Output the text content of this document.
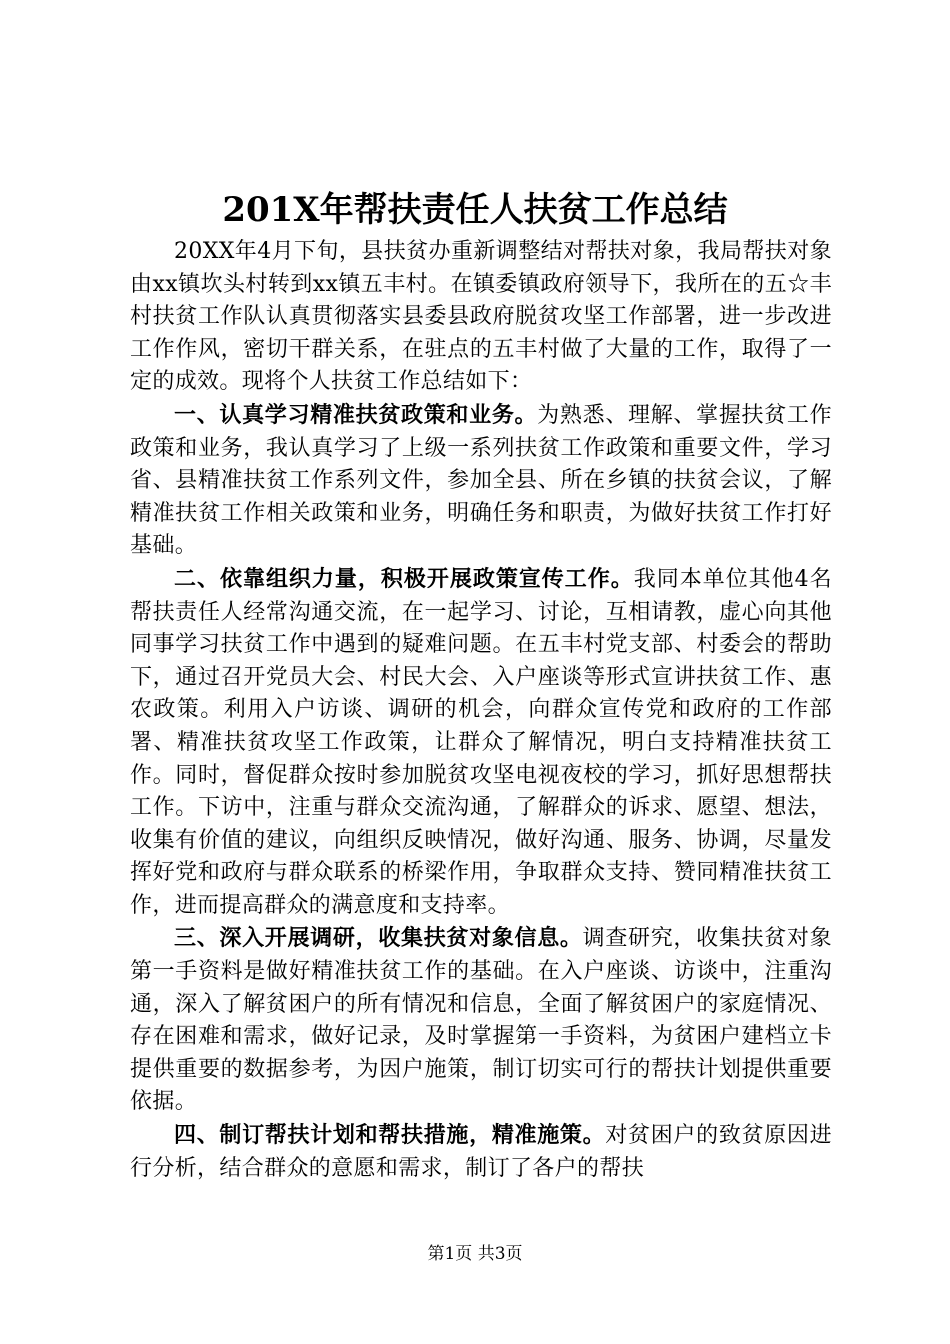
201X年帮扶责任人扶贫工作总结

20XX年4月下旬，县扶贫办重新调整结对帮扶对象，我局帮扶对象由xx镇坎头村转到xx镇五丰村。在镇委镇政府领导下，我所在的五☆丰村扶贫工作队认真贯彻落实县委县政府脱贫攻坚工作部署，进一步改进工作作风，密切干群关系，在驻点的五丰村做了大量的工作，取得了一定的成效。现将个人扶贫工作总结如下：

一、认真学习精准扶贫政策和业务。为熟悉、理解、掌握扶贫工作政策和业务，我认真学习了上级一系列扶贫工作政策和重要文件，学习省、县精准扶贫工作系列文件，参加全县、所在乡镇的扶贫会议，了解精准扶贫工作相关政策和业务，明确任务和职责，为做好扶贫工作打好基础。

二、依靠组织力量，积极开展政策宣传工作。我同本单位其他4名帮扶责任人经常沟通交流，在一起学习、讨论，互相请教，虚心向其他同事学习扶贫工作中遇到的疑难问题。在五丰村党支部、村委会的帮助下，通过召开党员大会、村民大会、入户座谈等形式宣讲扶贫工作、惠农政策。利用入户访谈、调研的机会，向群众宣传党和政府的工作部署、精准扶贫攻坚工作政策，让群众了解情况，明白支持精准扶贫工作。同时，督促群众按时参加脱贫攻坚电视夜校的学习，抓好思想帮扶工作。下访中，注重与群众交流沟通，了解群众的诉求、愿望、想法，收集有价值的建议，向组织反映情况，做好沟通、服务、协调，尽量发挥好党和政府与群众联系的桥梁作用，争取群众支持、赞同精准扶贫工作，进而提高群众的满意度和支持率。

三、深入开展调研，收集扶贫对象信息。调查研究，收集扶贫对象第一手资料是做好精准扶贫工作的基础。在入户座谈、访谈中，注重沟通，深入了解贫困户的所有情况和信息，全面了解贫困户的家庭情况、存在困难和需求，做好记录，及时掌握第一手资料，为贫困户建档立卡提供重要的数据参考，为因户施策，制订切实可行的帮扶计划提供重要依据。

四、制订帮扶计划和帮扶措施，精准施策。对贫困户的致贫原因进行分析，结合群众的意愿和需求，制订了各户的帮扶

第1页 共3页
